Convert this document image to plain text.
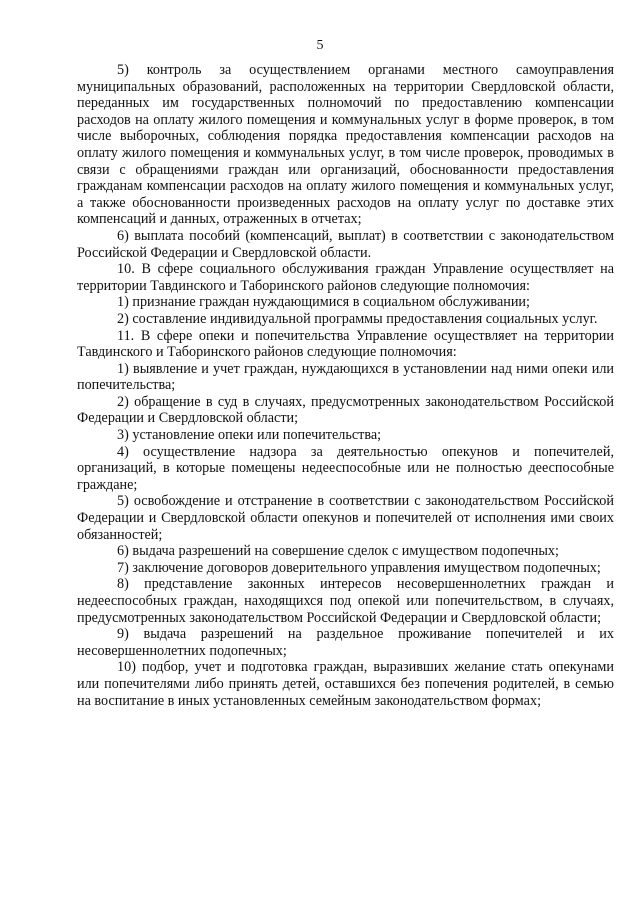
5

5) контроль за осуществлением органами местного самоуправления муниципальных образований, расположенных на территории Свердловской области, переданных им государственных полномочий по предоставлению компенсации расходов на оплату жилого помещения и коммунальных услуг в форме проверок, в том числе выборочных, соблюдения порядка предоставления компенсации расходов на оплату жилого помещения и коммунальных услуг, в том числе проверок, проводимых в связи с обращениями граждан или организаций, обоснованности предоставления гражданам компенсации расходов на оплату жилого помещения и коммунальных услуг, а также обоснованности произведенных расходов на оплату услуг по доставке этих компенсаций и данных, отраженных в отчетах;

6) выплата пособий (компенсаций, выплат) в соответствии с законодательством Российской Федерации и Свердловской области.

10. В сфере социального обслуживания граждан Управление осуществляет на территории Тавдинского и Таборинского районов следующие полномочия:

1) признание граждан нуждающимися в социальном обслуживании;

2) составление индивидуальной программы предоставления социальных услуг.

11. В сфере опеки и попечительства Управление осуществляет на территории Тавдинского и Таборинского районов следующие полномочия:

1) выявление и учет граждан, нуждающихся в установлении над ними опеки или попечительства;

2) обращение в суд в случаях, предусмотренных законодательством Российской Федерации и Свердловской области;

3) установление опеки или попечительства;

4) осуществление надзора за деятельностью опекунов и попечителей, организаций, в которые помещены недееспособные или не полностью дееспособные граждане;

5) освобождение и отстранение в соответствии с законодательством Российской Федерации и Свердловской области опекунов и попечителей от исполнения ими своих обязанностей;

6) выдача разрешений на совершение сделок с имуществом подопечных;

7) заключение договоров доверительного управления имуществом подопечных;

8) представление законных интересов несовершеннолетних граждан и недееспособных граждан, находящихся под опекой или попечительством, в случаях, предусмотренных законодательством Российской Федерации и Свердловской области;

9) выдача разрешений на раздельное проживание попечителей и их несовершеннолетних подопечных;

10) подбор, учет и подготовка граждан, выразивших желание стать опекунами или попечителями либо принять детей, оставшихся без попечения родителей, в семью на воспитание в иных установленных семейным законодательством формах;
